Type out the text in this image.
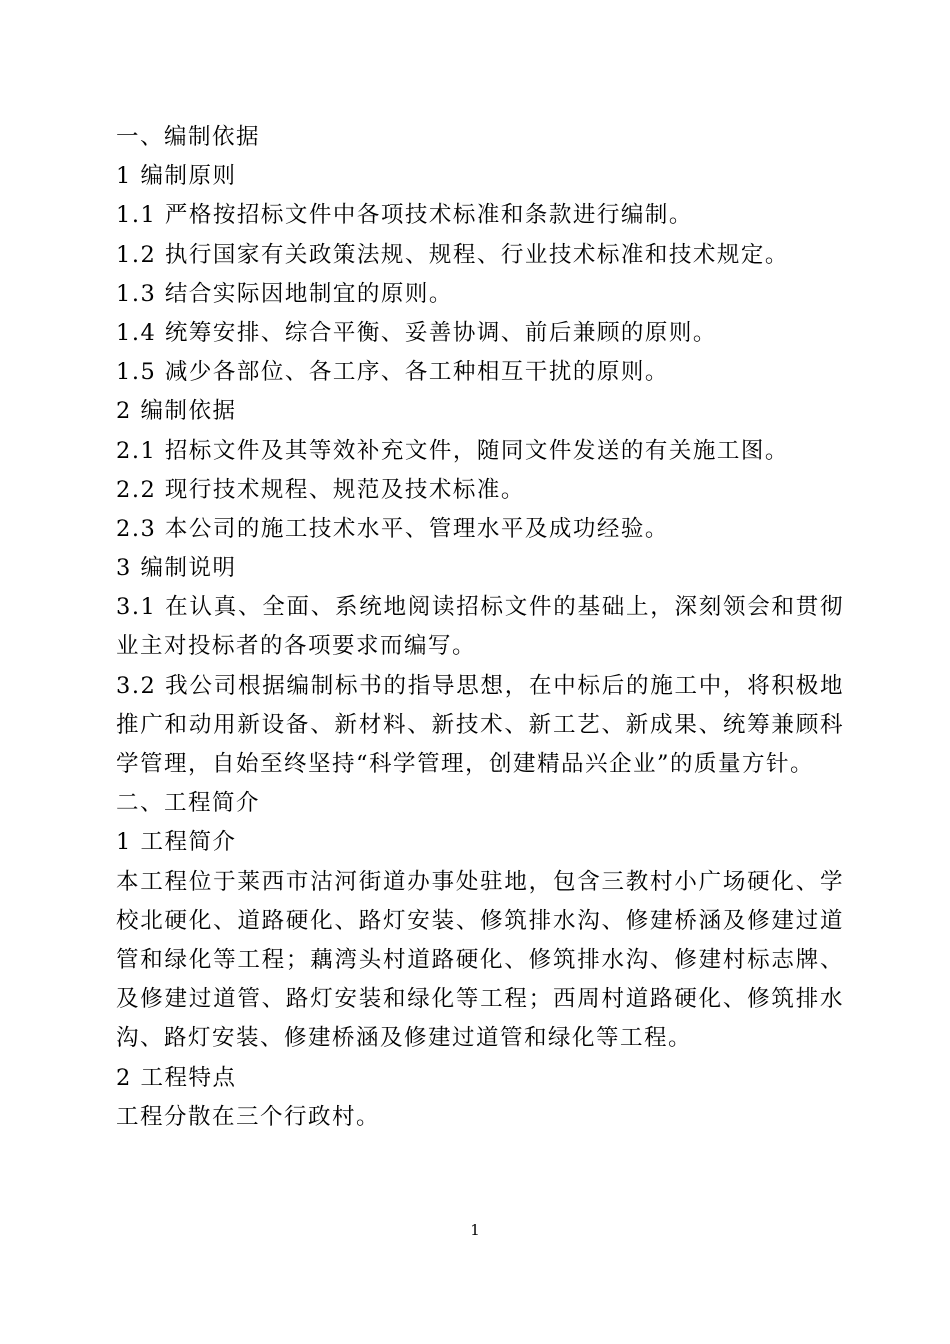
一、编制依据
1 编制原则
1.1 严格按招标文件中各项技术标准和条款进行编制。
1.2 执行国家有关政策法规、规程、行业技术标准和技术规定。
1.3 结合实际因地制宜的原则。
1.4 统筹安排、综合平衡、妥善协调、前后兼顾的原则。
1.5 减少各部位、各工序、各工种相互干扰的原则。
2 编制依据
2.1 招标文件及其等效补充文件，随同文件发送的有关施工图。
2.2 现行技术规程、规范及技术标准。
2.3 本公司的施工技术水平、管理水平及成功经验。
3 编制说明
3.1 在认真、全面、系统地阅读招标文件的基础上，深刻领会和贯彻业主对投标者的各项要求而编写。
3.2 我公司根据编制标书的指导思想，在中标后的施工中，将积极地推广和动用新设备、新材料、新技术、新工艺、新成果、统筹兼顾科学管理，自始至终坚持“科学管理，创建精品兴企业”的质量方针。
二、工程简介
1 工程简介
本工程位于莱西市沽河街道办事处驻地，包含三教村小广场硬化、学校北硬化、道路硬化、路灯安装、修筑排水沟、修建桥涵及修建过道管和绿化等工程；藕湾头村道路硬化、修筑排水沟、修建村标志牌、及修建过道管、路灯安装和绿化等工程；西周村道路硬化、修筑排水沟、路灯安装、修建桥涵及修建过道管和绿化等工程。
2 工程特点
工程分散在三个行政村。
1
